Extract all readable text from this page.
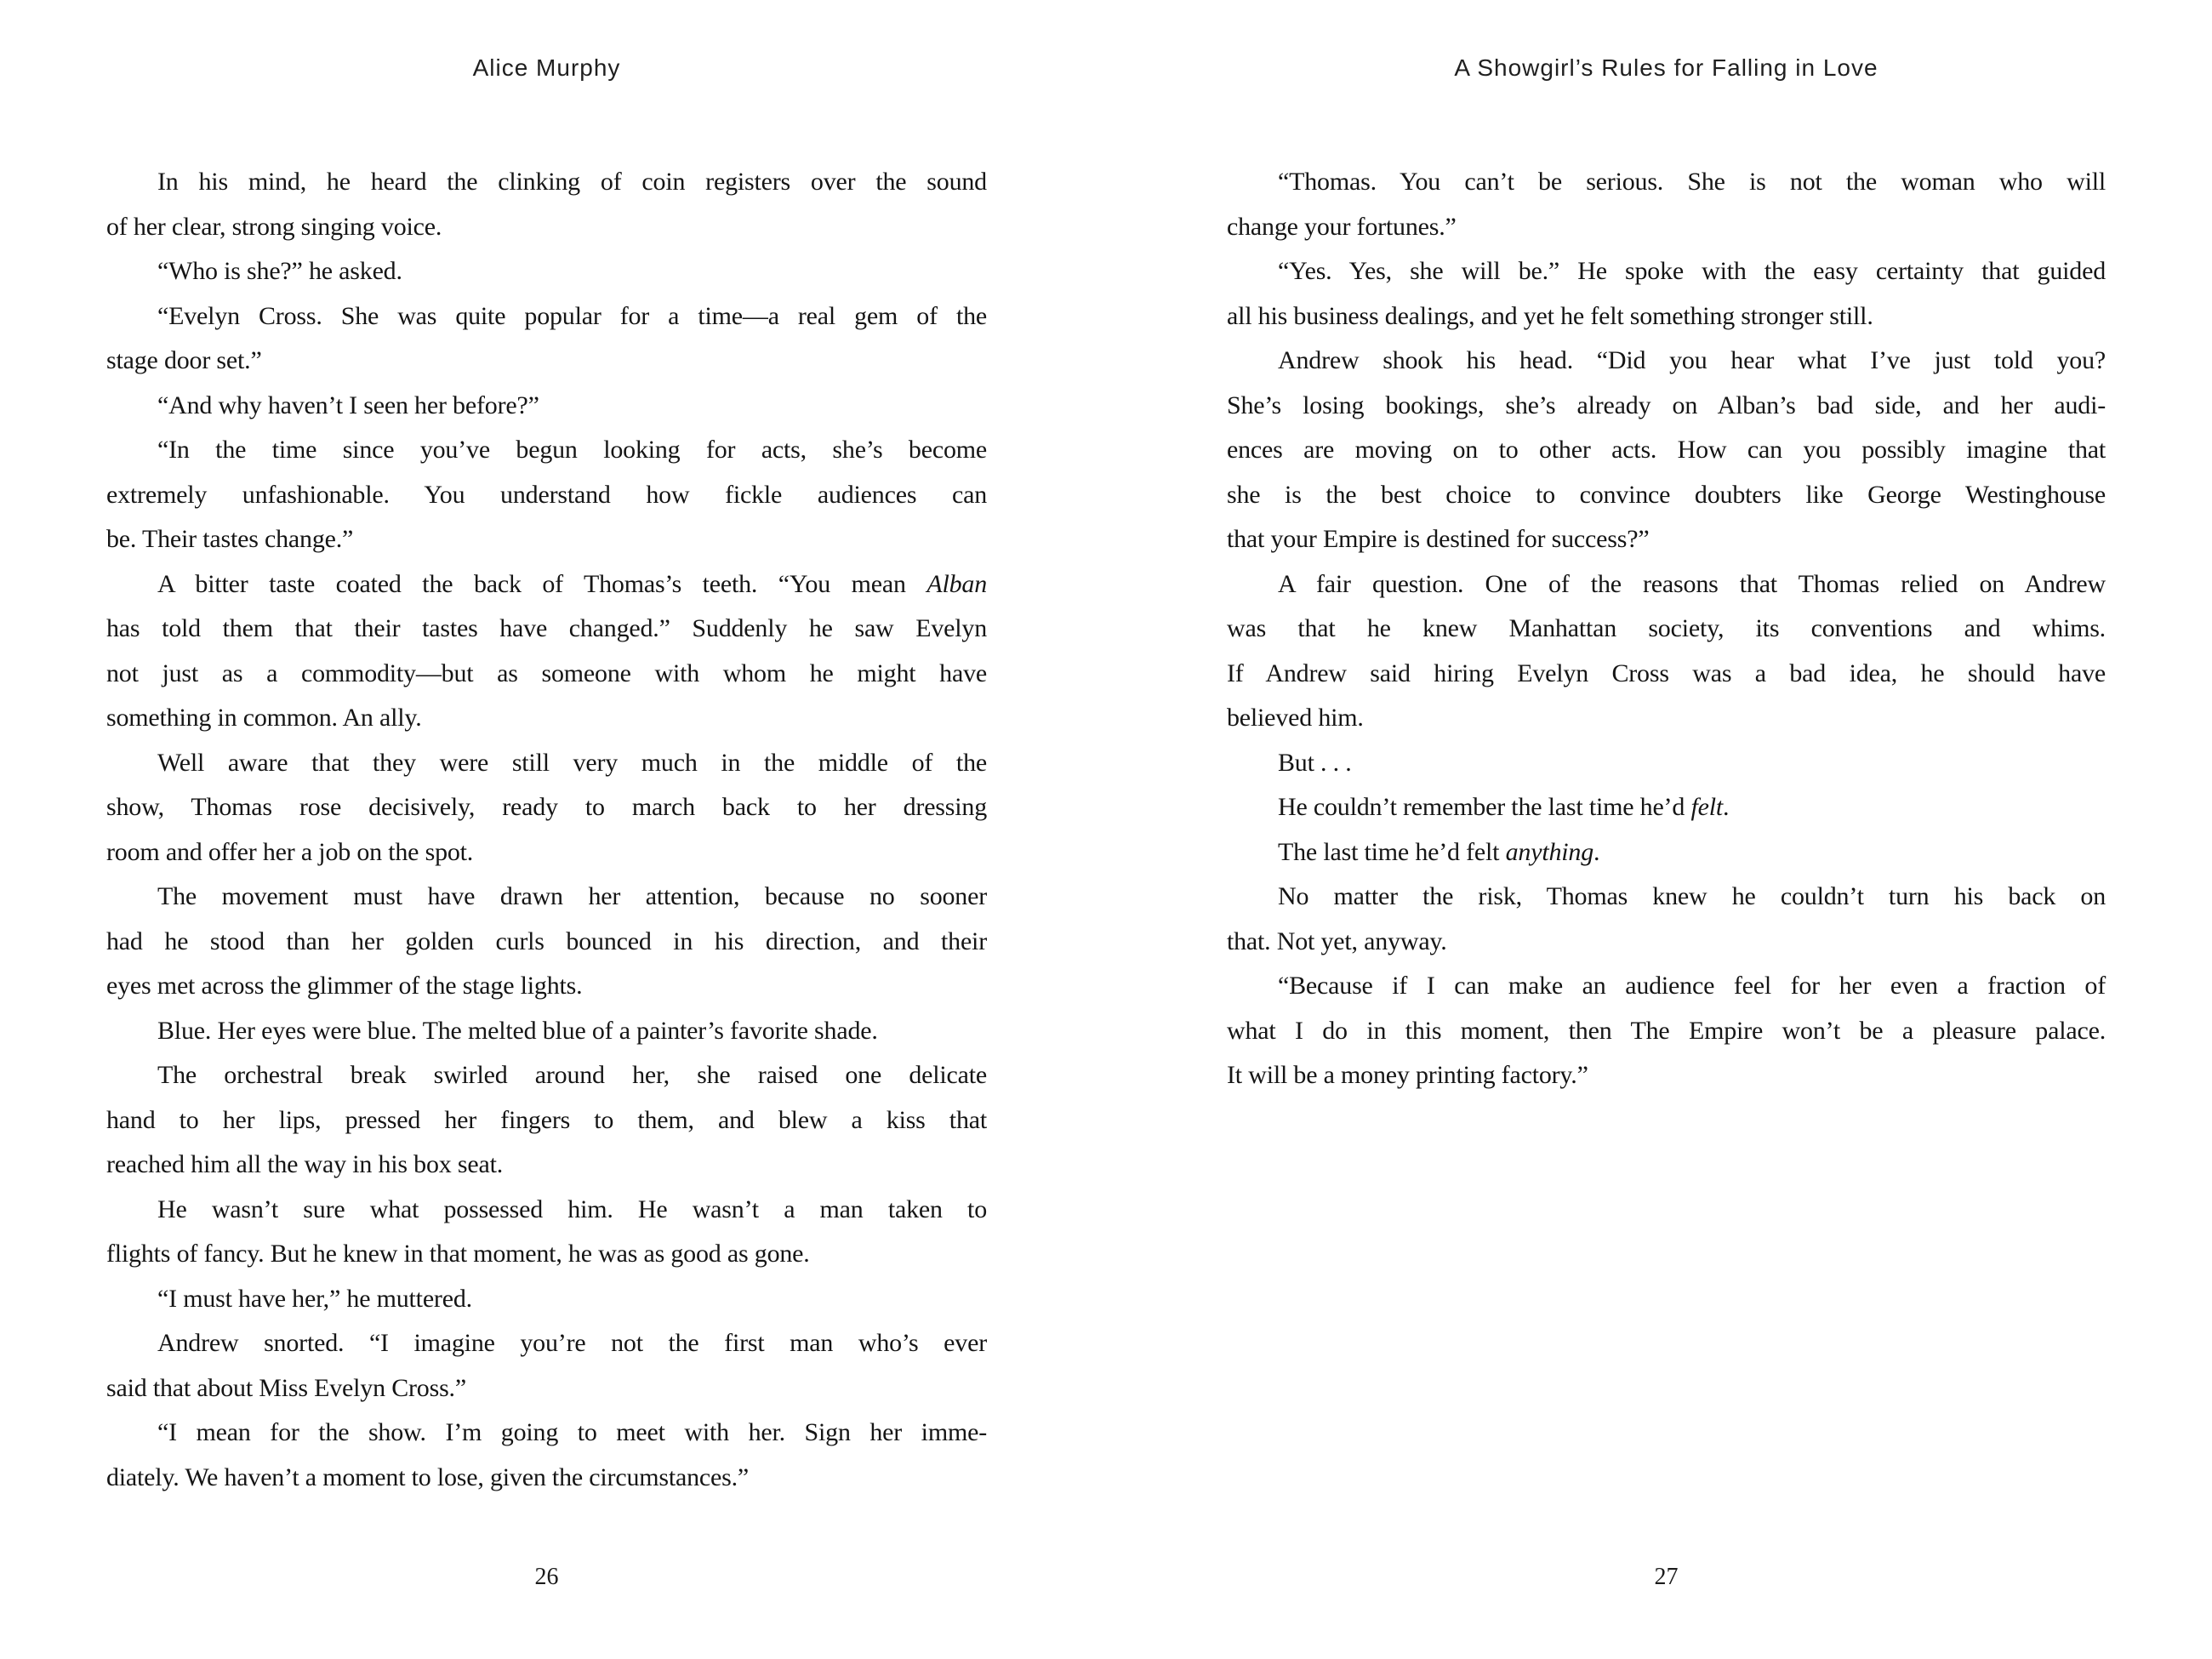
Alice Murphy

In his mind, he heard the clinking of coin registers over the sound
of her clear, strong singing voice.

“Who is she?” he asked.

“Evelyn Cross. She was quite popular for a time—a real gem of the
stage door set.”

“And why haven’t I seen her before?”

“In the time since you’ve begun looking for acts, she’s become
extremely unfashionable. You understand how fickle audiences can
be. Their tastes change.”

A bitter taste coated the back of Thomas’s teeth. “You mean Alban
has told them that their tastes have changed.” Suddenly he saw Evelyn
not just as a commodity—but as someone with whom he might have
something in common. An ally.

Well aware that they were still very much in the middle of the
show, Thomas rose decisively, ready to march back to her dressing
room and offer her a job on the spot.

The movement must have drawn her attention, because no sooner
had he stood than her golden curls bounced in his direction, and their
eyes met across the glimmer of the stage lights.

Blue. Her eyes were blue. The melted blue of a painter’s favorite shade.

The orchestral break swirled around her, she raised one delicate
hand to her lips, pressed her fingers to them, and blew a kiss that
reached him all the way in his box seat.

He wasn’t sure what possessed him. He wasn’t a man taken to
flights of fancy. But he knew in that moment, he was as good as gone.

“I must have her,” he muttered.

Andrew snorted. “I imagine you’re not the first man who’s ever
said that about Miss Evelyn Cross.”

“I mean for the show. I’m going to meet with her. Sign her imme-
diately. We haven’t a moment to lose, given the circumstances.”

26
A Showgirl’s Rules for Falling in Love

“Thomas. You can’t be serious. She is not the woman who will
change your fortunes.”

“Yes. Yes, she will be.” He spoke with the easy certainty that guided
all his business dealings, and yet he felt something stronger still.

Andrew shook his head. “Did you hear what I’ve just told you?
She’s losing bookings, she’s already on Alban’s bad side, and her audi-
ences are moving on to other acts. How can you possibly imagine that
she is the best choice to convince doubters like George Westinghouse
that your Empire is destined for success?”

A fair question. One of the reasons that Thomas relied on Andrew
was that he knew Manhattan society, its conventions and whims.
If Andrew said hiring Evelyn Cross was a bad idea, he should have
believed him.

But . . .

He couldn’t remember the last time he’d felt.

The last time he’d felt anything.

No matter the risk, Thomas knew he couldn’t turn his back on
that. Not yet, anyway.

“Because if I can make an audience feel for her even a fraction of
what I do in this moment, then The Empire won’t be a pleasure palace.
It will be a money printing factory.”

27
